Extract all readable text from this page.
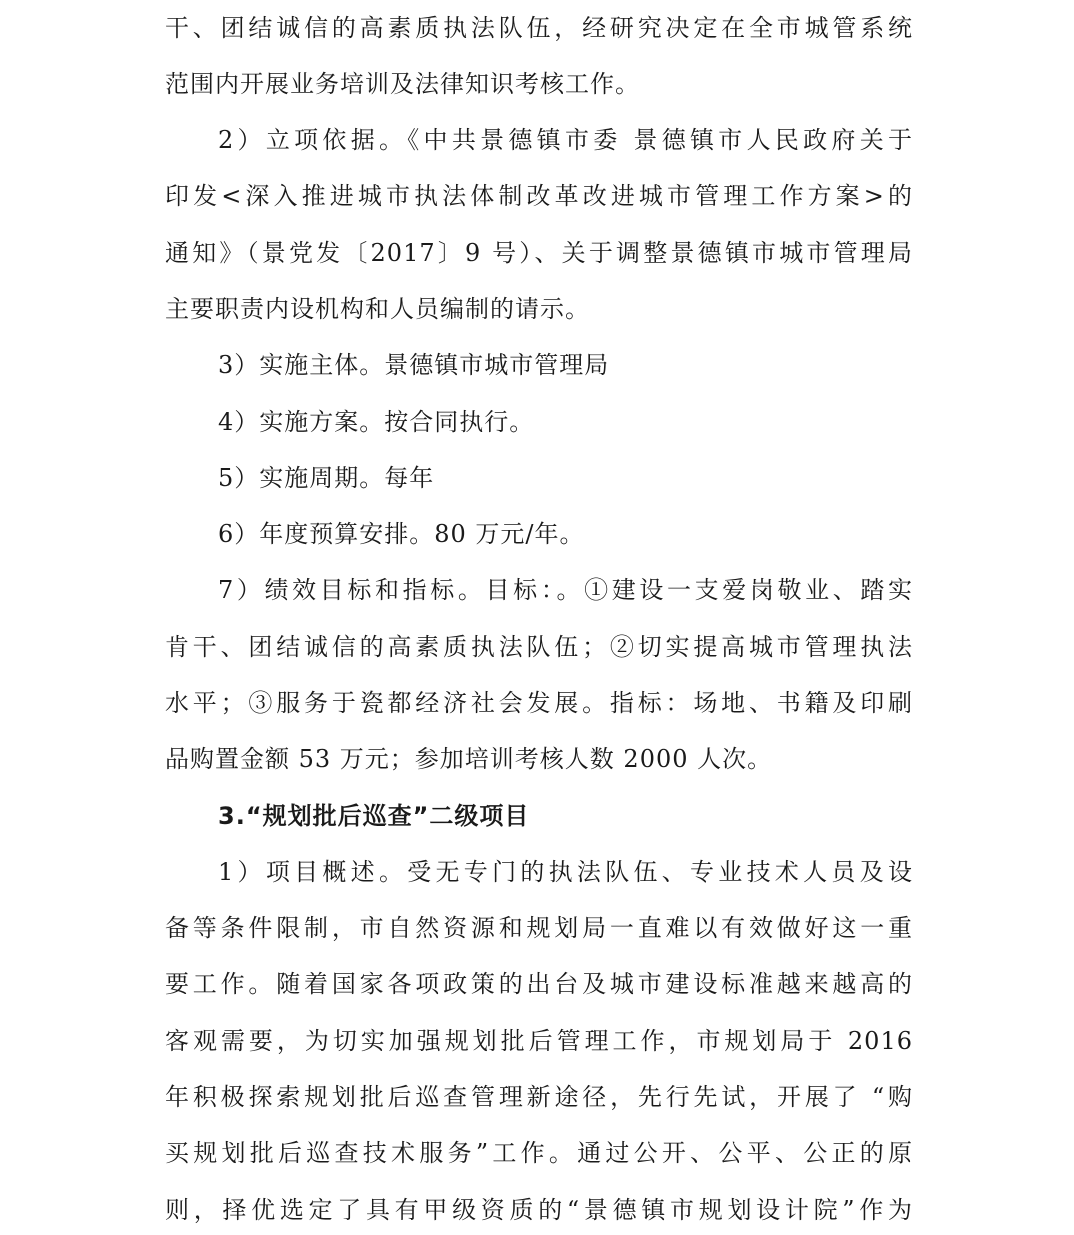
干、团结诚信的高素质执法队伍，经研究决定在全市城管系统
范围内开展业务培训及法律知识考核工作。
2）立项依据。《中共景德镇市委 景德镇市人民政府关于
印发<深入推进城市执法体制改革改进城市管理工作方案>的
通知》（景党发〔2017〕9 号）、关于调整景德镇市城市管理局
主要职责内设机构和人员编制的请示。
3）实施主体。景德镇市城市管理局
4）实施方案。按合同执行。
5）实施周期。每年
6）年度预算安排。80 万元/年。
7）绩效目标和指标。目标：。①建设一支爱岗敬业、踏实
肯干、团结诚信的高素质执法队伍；②切实提高城市管理执法
水平；③服务于瓷都经济社会发展。指标：场地、书籍及印刷
品购置金额 53 万元；参加培训考核人数 2000 人次。
3.“规划批后巡查”二级项目
1）项目概述。受无专门的执法队伍、专业技术人员及设
备等条件限制，市自然资源和规划局一直难以有效做好这一重
要工作。随着国家各项政策的出台及城市建设标准越来越高的
客观需要，为切实加强规划批后管理工作，市规划局于 2016
年积极探索规划批后巡查管理新途径，先行先试，开展了 “购
买规划批后巡查技术服务”工作。通过公开、公平、公正的原
则，择优选定了具有甲级资质的“景德镇市规划设计院”作为
